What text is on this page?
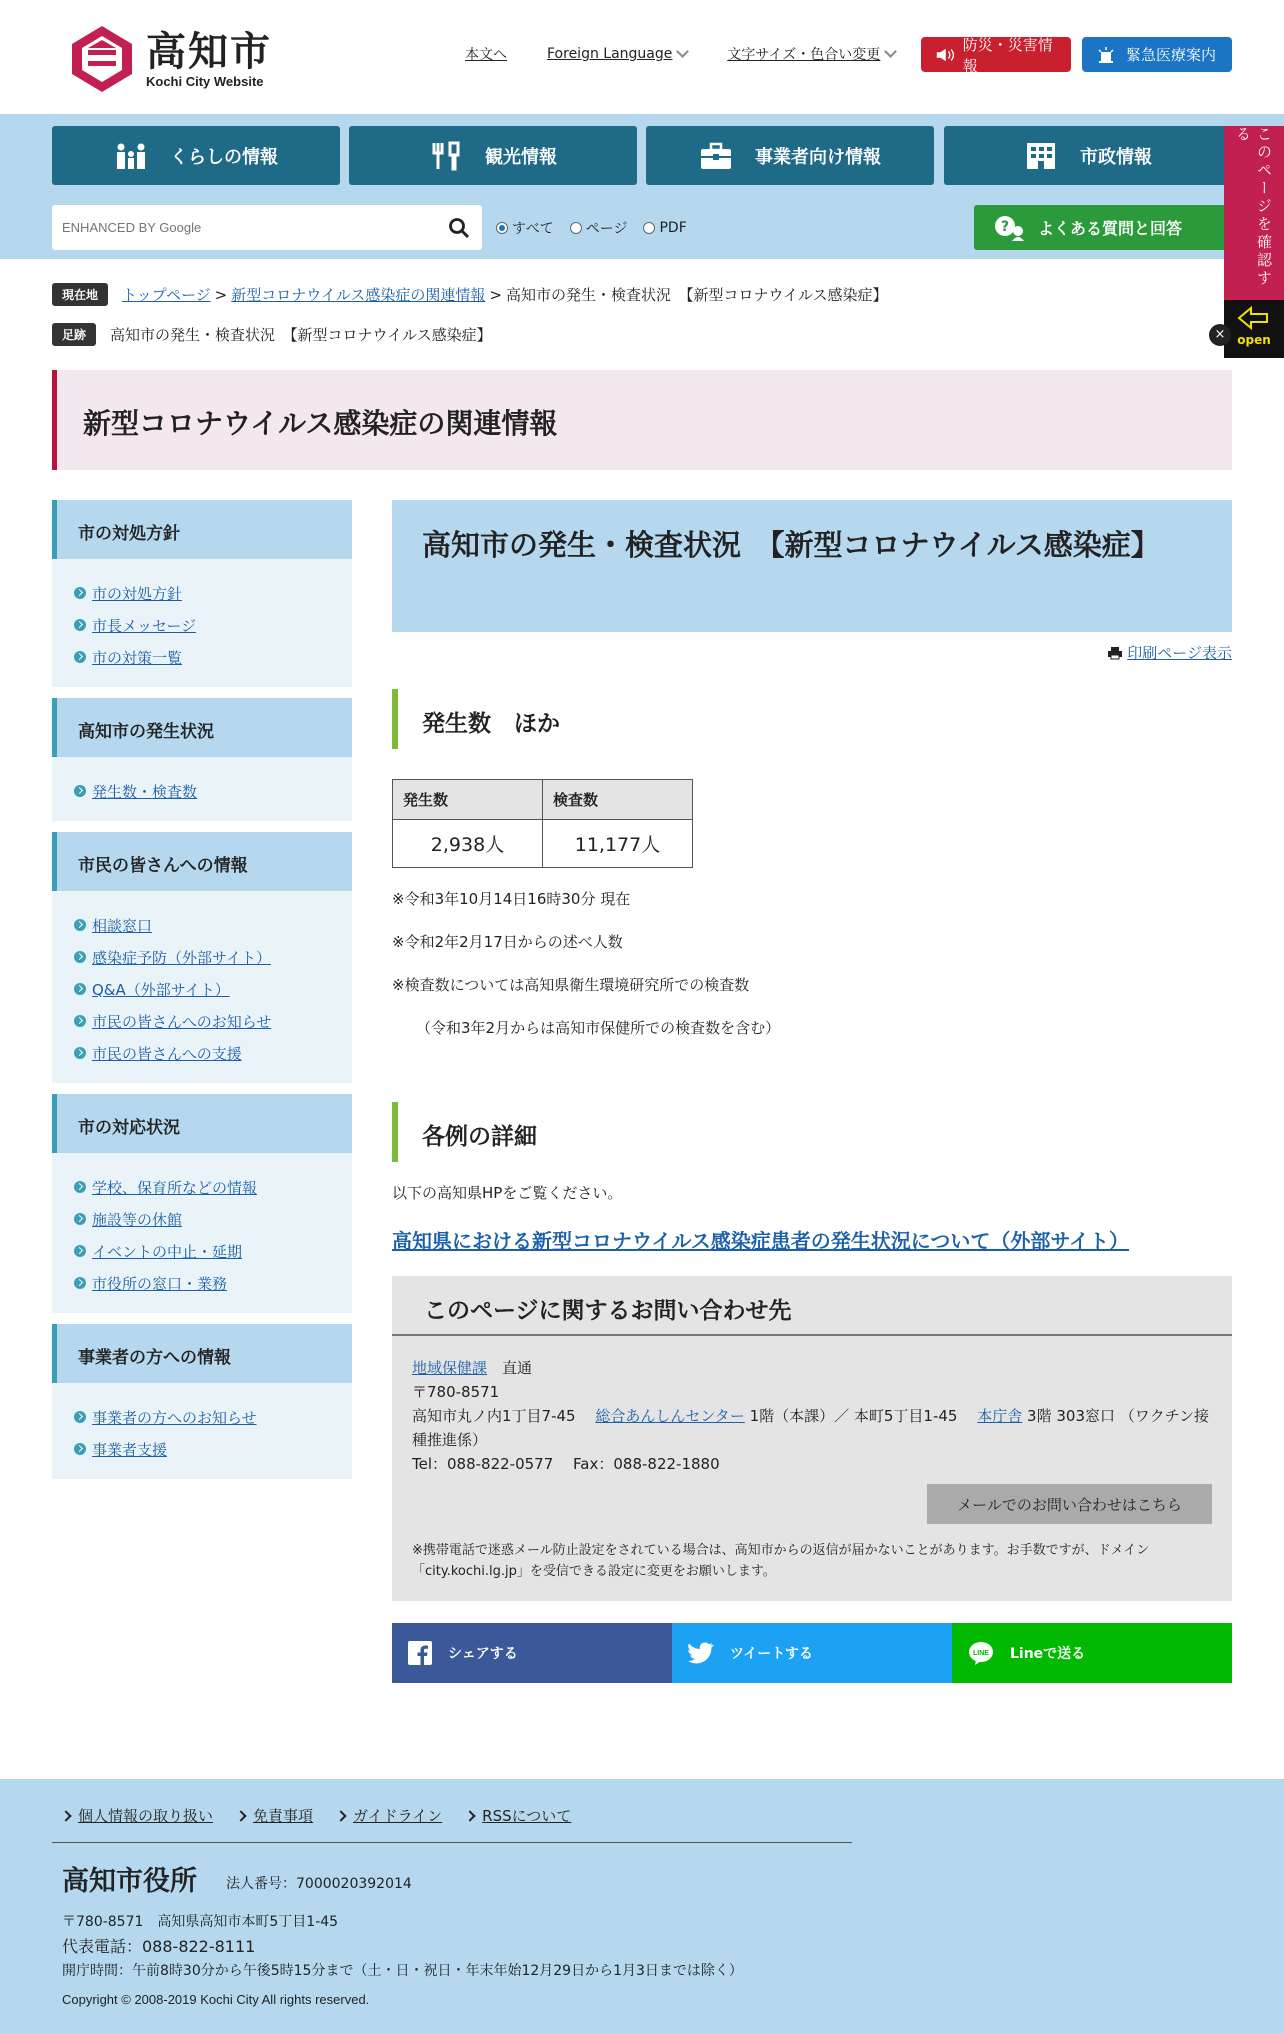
高知市
Kochi City Website
本文へ	Foreign Language	文字サイズ・色合い変更
防災・災害情報
緊急医療案内
くらしの情報	観光情報	事業者向け情報	市政情報
ENHANCED BY Google
すべて ページ PDF	? よくある質問と回答	このページを確認する
open
×
現在地	トップページ > 新型コロナウイルス感染症の関連情報 > 高知市の発生・検査状況　【新型コロナウイルス感染症】
足跡	高知市の発生・検査状況　【新型コロナウイルス感染症】
新型コロナウイルス感染症の関連情報
市の対処方針
市の対処方針
市長メッセージ
市の対策一覧
高知市の発生状況
発生数・検査数
市民の皆さんへの情報
相談窓口
感染症予防（外部サイト）
Q&A（外部サイト）
市民の皆さんへのお知らせ
市民の皆さんへの支援
市の対応状況
学校、保育所などの情報
施設等の休館
イベントの中止・延期
市役所の窓口・業務
事業者の方への情報
事業者の方へのお知らせ
事業者支援
高知市の発生・検査状況　【新型コロナウイルス感染症】
印刷ページ表示
発生数　ほか
発生数	検査数
2,938人	11,177人
※令和3年10月14日16時30分 現在
※令和2年2月17日からの述べ人数
※検査数については高知県衛生環境研究所での検査数
（令和3年2月からは高知市保健所での検査数を含む）
各例の詳細
以下の高知県HPをご覧ください。
高知県における新型コロナウイルス感染症患者の発生状況について（外部サイト）
このページに関するお問い合わせ先
地域保健課　 直通
〒780-8571
高知市丸ノ内1丁目7-45　 総合あんしんセンター 1階（本課）／ 本町5丁目1-45　 本庁舎 3階 303窓口 （ワクチン接種推進係）
Tel：088-822-0577　 Fax：088-822-1880
メールでのお問い合わせはこちら
※携帯電話で迷惑メール防止設定をされている場合は、高知市からの返信が届かないことがあります。お手数ですが、ドメイン「city.kochi.lg.jp」を受信できる設定に変更をお願いします。
シェアする	ツイートする	LINE Lineで送る
個人情報の取り扱い	免責事項	ガイドライン	RSSについて
高知市役所 法人番号：7000020392014
〒780-8571　高知県高知市本町5丁目1-45
代表電話：088-822-8111
開庁時間：午前8時30分から午後5時15分まで（土・日・祝日・年末年始12月29日から1月3日までは除く）
Copyright © 2008-2019 Kochi City All rights reserved.
